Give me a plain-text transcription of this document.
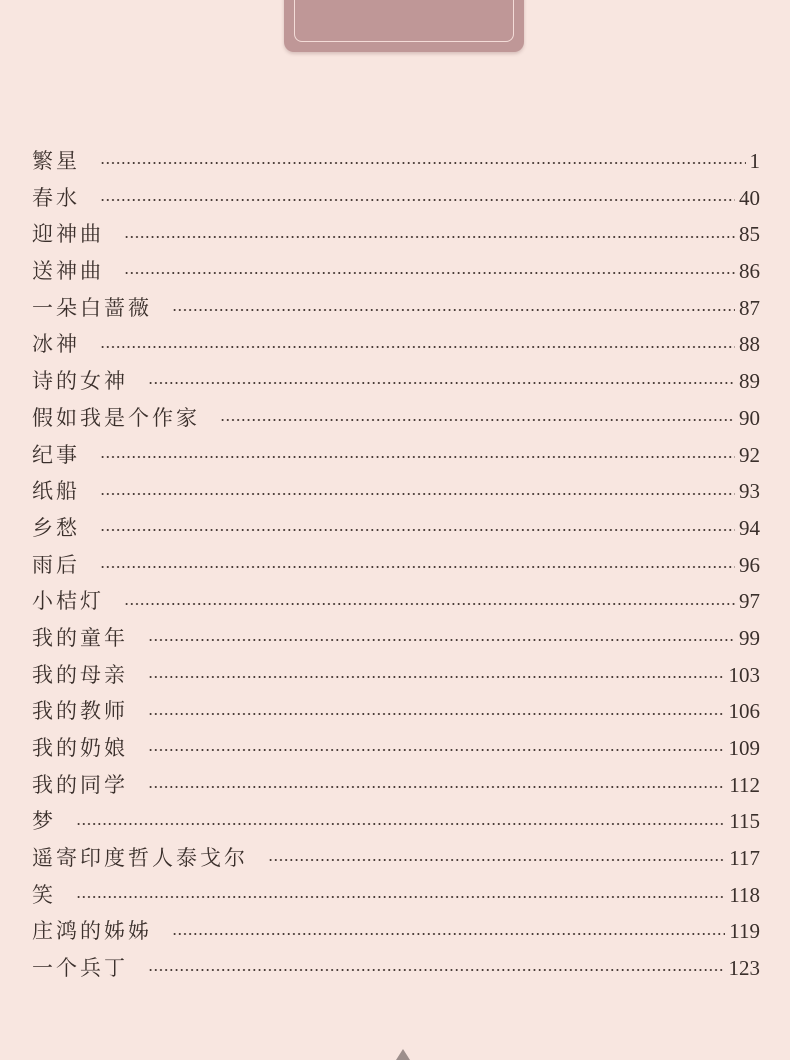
繁星	1
春水	40
迎神曲	85
送神曲	86
一朵白蔷薇	87
冰神	88
诗的女神	89
假如我是个作家	90
纪事	92
纸船	93
乡愁	94
雨后	96
小桔灯	97
我的童年	99
我的母亲	103
我的教师	106
我的奶娘	109
我的同学	112
梦	115
遥寄印度哲人泰戈尔	117
笑	118
庄鸿的姊姊	119
一个兵丁	123
